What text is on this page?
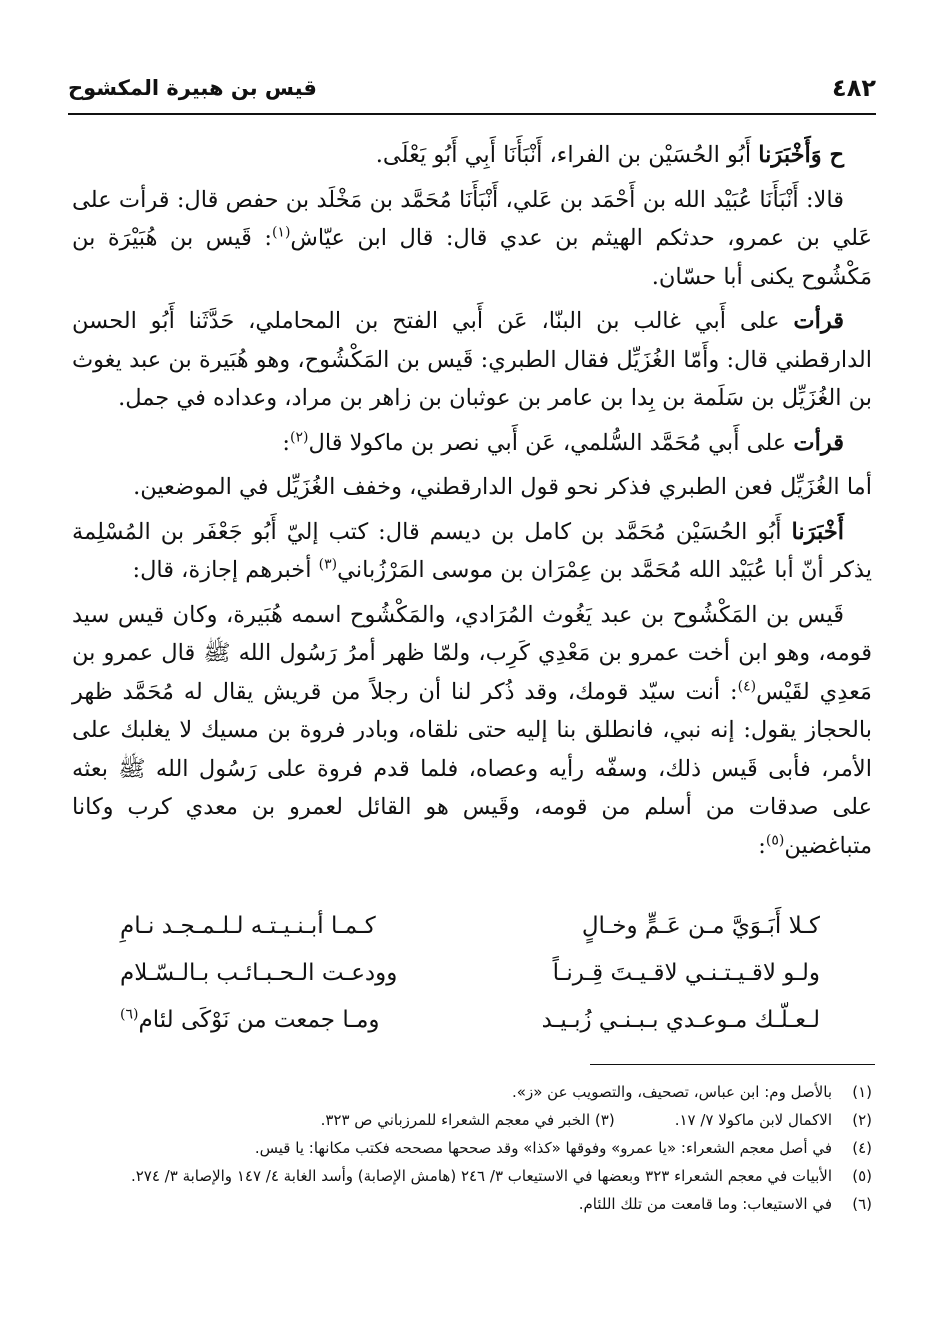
٤٨٢
قيس بن هبيرة المكشوح

ح وَأَخْبَرَنا أَبُو الحُسَيْن بن الفراء، أَنْبَأَنَا أَبِي أَبُو يَعْلَى.

قالا: أَنْبَأَنَا عُبَيْد الله بن أَحْمَد بن عَلي، أَنْبَأَنَا مُحَمَّد بن مَخْلَد بن حفص قال: قرأت على عَلي بن عمرو، حدثكم الهيثم بن عدي قال: قال ابن عيّاش$^{(١)}$: قَيس بن هُبَيْرَة بن مَكْشُوح يكنى أبا حسّان.

قرأت على أَبي غالب بن البنّا، عَن أَبي الفتح بن المحاملي، حَدَّثَنا أَبُو الحسن الدارقطني قال: وأَمّا الغُزَيِّل فقال الطبري: قَيس بن المَكْشُوح، وهو هُبَيرة بن عبد يغوث بن الغُزَيِّل بن سَلَمة بن بِدا بن عامر بن عوثبان بن زاهر بن مراد، وعداده في جمل.

قرأت على أَبي مُحَمَّد السُّلمي، عَن أَبي نصر بن ماكولا قال$^{(٢)}$:

أما الغُزَيِّل فعن الطبري فذكر نحو قول الدارقطني، وخفف الغُزَيِّل في الموضعين.

أَخْبَرَنا أَبُو الحُسَيْن مُحَمَّد بن كامل بن ديسم قال: كتب إليّ أَبُو جَعْفَر بن المُسْلِمة يذكر أنّ أبا عُبَيْد الله مُحَمَّد بن عِمْرَان بن موسى المَرْزُباني$^{(٣)}$ أخبرهم إجازة، قال:

قَيس بن المَكْشُوح بن عبد يَغُوث المُرَادي، والمَكْشُوح اسمه هُبَيرة، وكان قيس سيد قومه، وهو ابن أخت عمرو بن مَعْدِي كَرِب، ولمّا ظهر أمرُ رَسُول الله ﷺ قال عمرو بن مَعدِي لقَيْس$^{(٤)}$: أنت سيّد قومك، وقد ذُكر لنا أن رجلاً من قريش يقال له مُحَمَّد ظهر بالحجاز يقول: إنه نبي، فانطلق بنا إليه حتى نلقاه، وبادر فروة بن مسيك لا يغلبك على الأمر، فأبى قَيس ذلك، وسفّه رأيه وعصاه، فلما قدم فروة على رَسُول الله ﷺ بعثه على صدقات من أسلم من قومه، وقَيس هو القائل لعمرو بن معدي كرب وكانا متباغضين$^{(٥)}$:

كـلا أَبَـوَيَّ مـن عَـمٍّ وخـالٍ
كـمـا أبـنـيـتـه لـلـمـجـد نـامِ
ولـو لاقـيـتـنـي لاقـيـتَ قِـرنـاً
وودعـت الـحـبـائـب بـالـسّـلام
لـعـلّـك مـوعـدي بـبـنـي زُبـيـد
ومـا جمعت من نَوْكَى لئام$^{(٦)}$
(١)
بالأصل وم: ابن عباس، تصحيف، والتصويب عن «ز».
(٢)
الاكمال لابن ماكولا ٧/ ١٧.(٣) الخبر في معجم الشعراء للمرزباني ص ٣٢٣.
(٤)
في أصل معجم الشعراء: «يا عمرو» وفوقها «كذا» وقد صححها مصححه فكتب مكانها: يا قيس.
(٥)
الأبيات في معجم الشعراء ٣٢٣ وبعضها في الاستيعاب ٣/ ٢٤٦ (هامش الإصابة) وأسد الغابة ٤/ ١٤٧ والإصابة ٣/ ٢٧٤.
(٦)
في الاستيعاب: وما قامعت من تلك اللئام.
